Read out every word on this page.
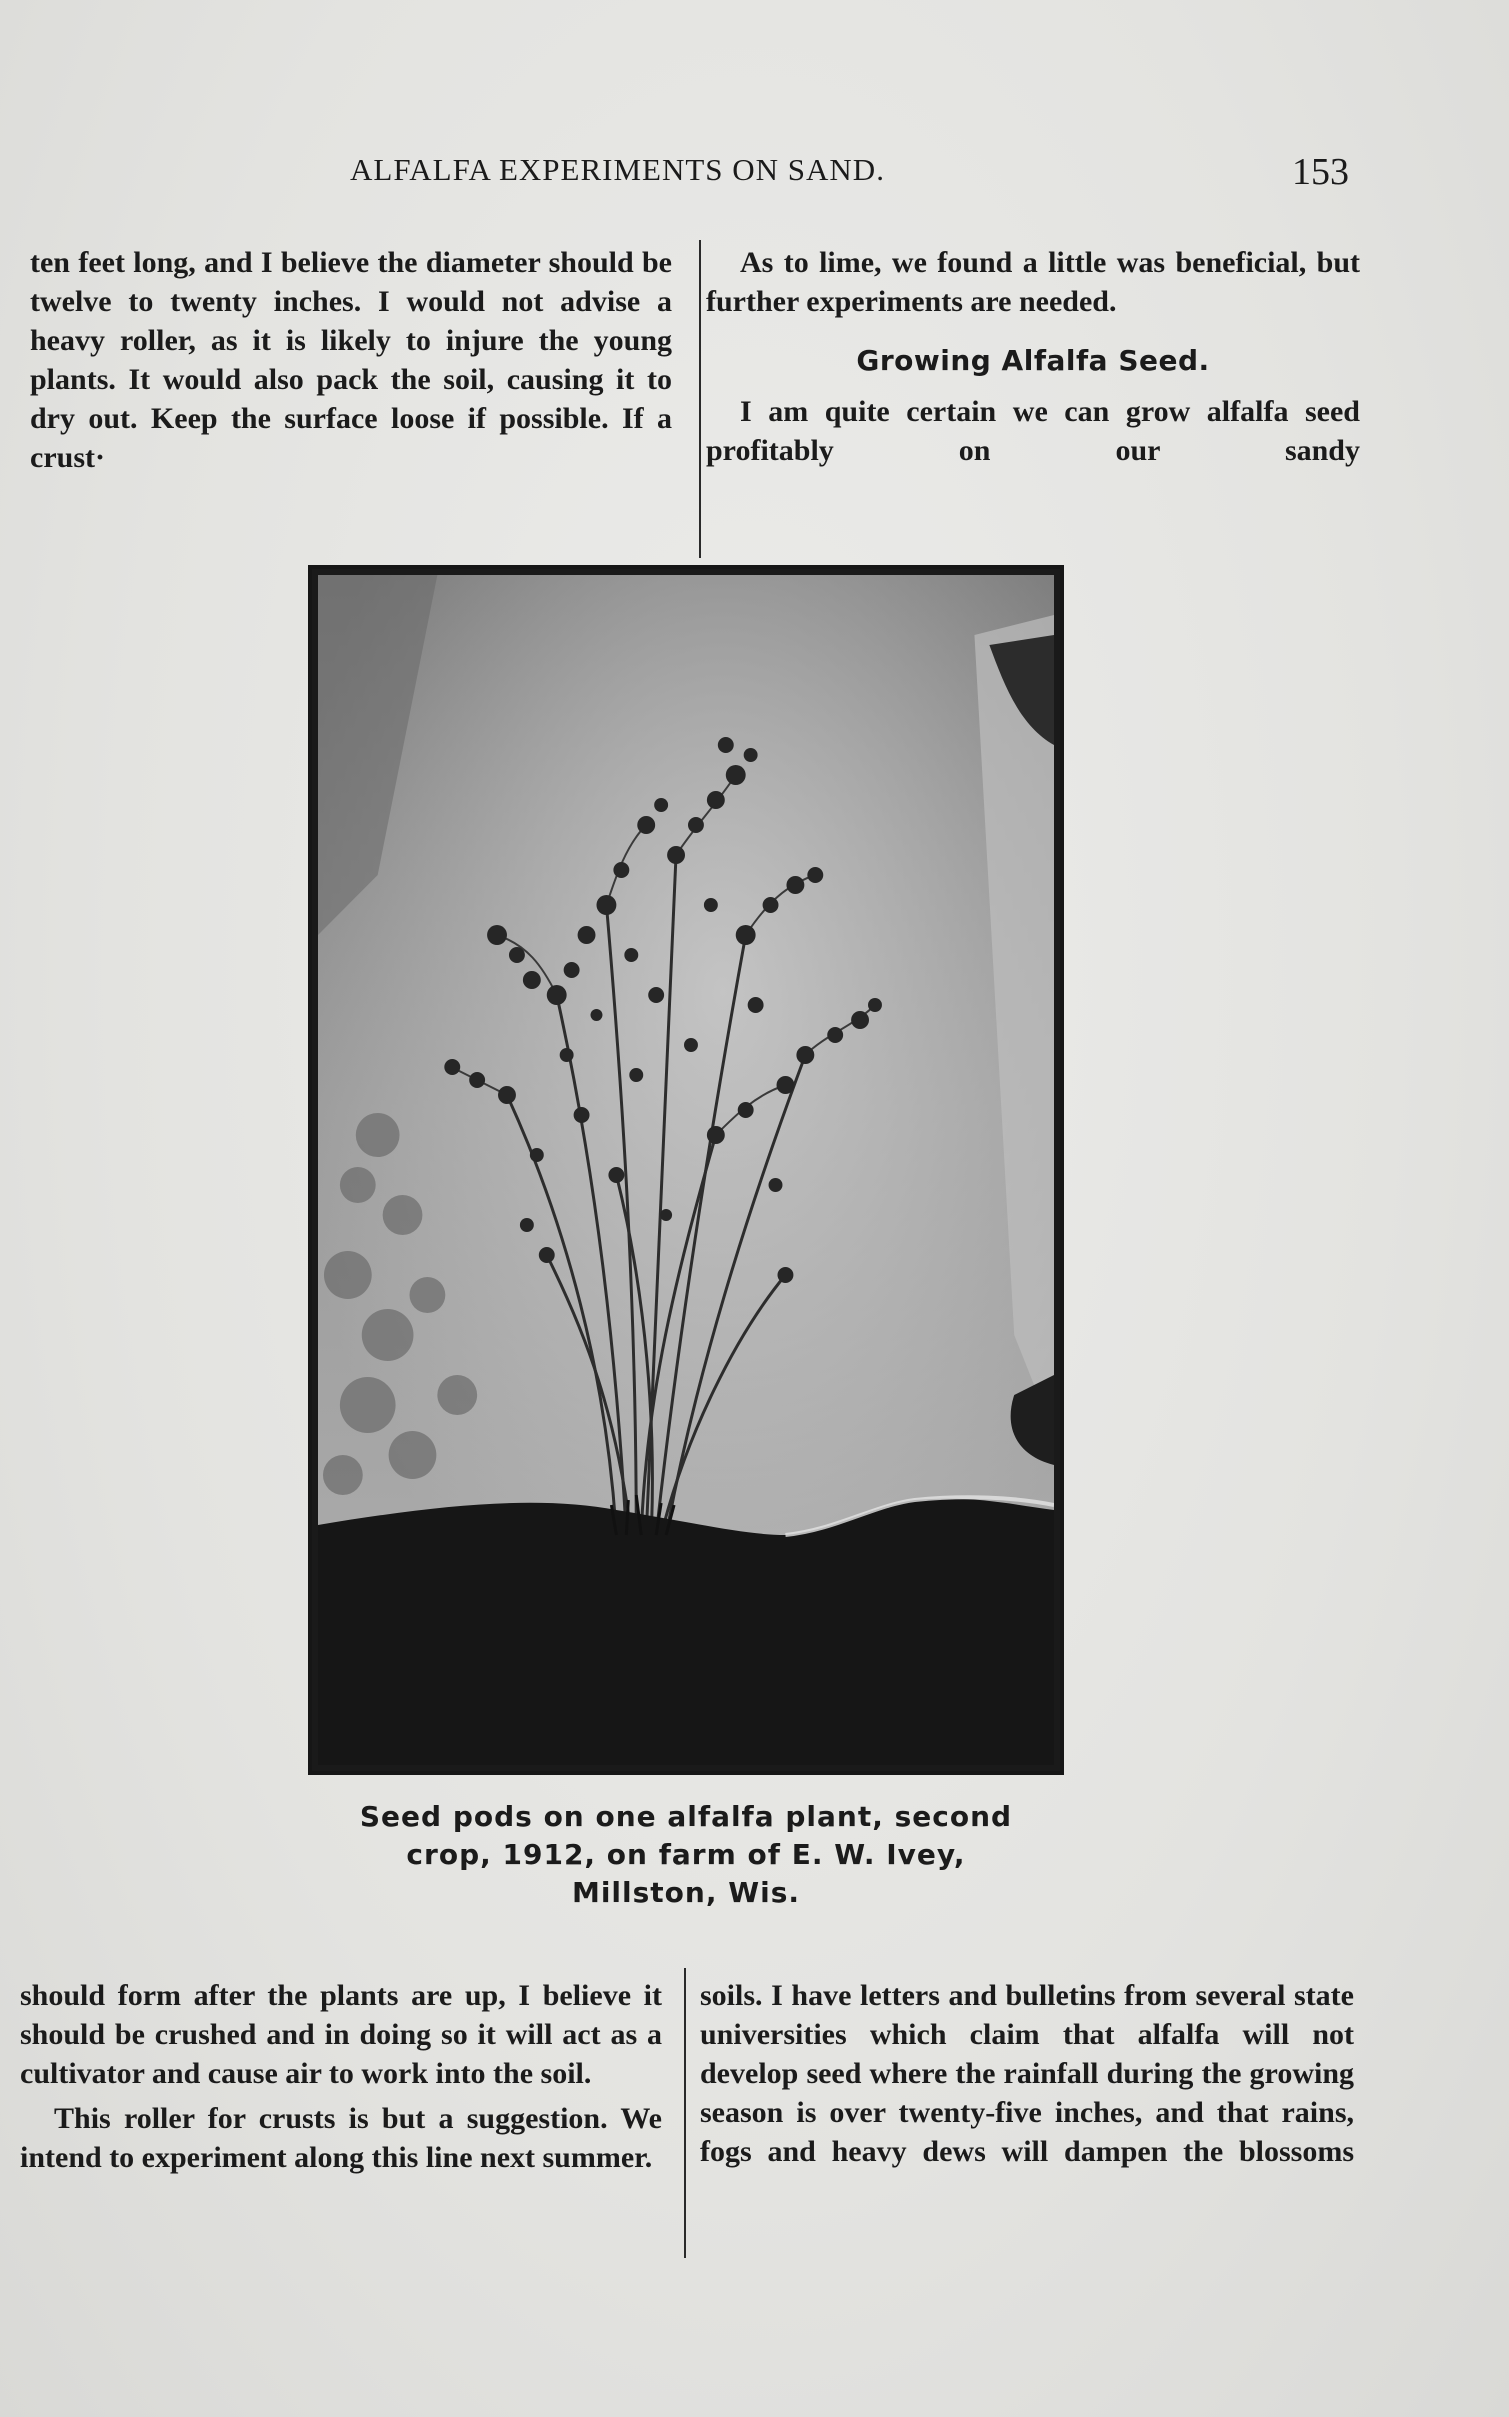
ALFALFA EXPERIMENTS ON SAND.	153

ten feet long, and I believe the diameter should be twelve to twenty inches. I would not advise a heavy roller, as it is likely to injure the young plants. It would also pack the soil, causing it to dry out. Keep the surface loose if possible. If a crust·

As to lime, we found a little was beneficial, but further experiments are needed.

Growing Alfalfa Seed.

I am quite certain we can grow alfalfa seed profitably on our sandy

Seed pods on one alfalfa plant, second
crop, 1912, on farm of E. W. Ivey,
Millston, Wis.

should form after the plants are up, I believe it should be crushed and in doing so it will act as a cultivator and cause air to work into the soil.

This roller for crusts is but a suggestion. We intend to experiment along this line next summer.

soils. I have letters and bulletins from several state universities which claim that alfalfa will not develop seed where the rainfall during the growing season is over twenty-five inches, and that rains, fogs and heavy dews will dampen the blossoms
